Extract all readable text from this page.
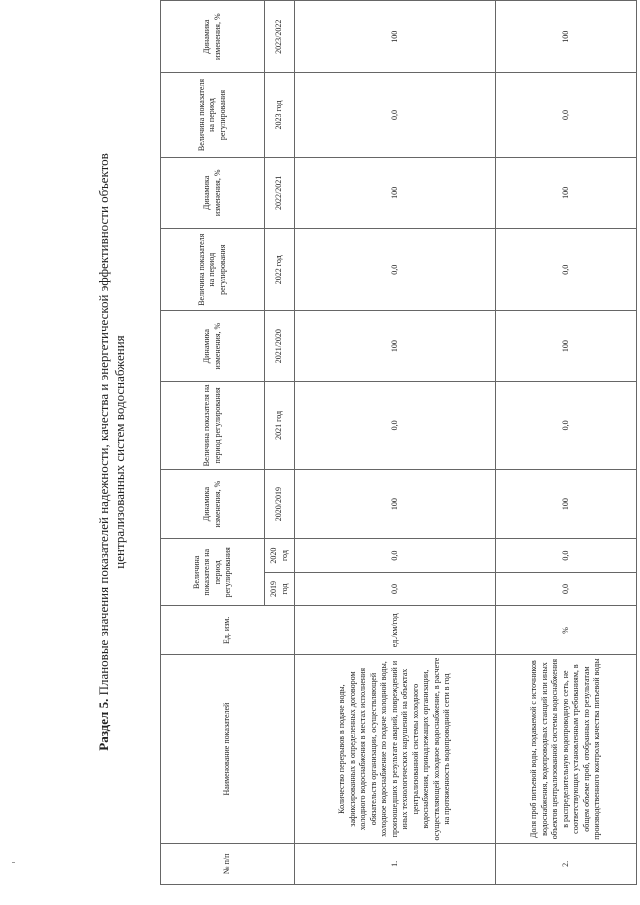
Раздел 5. Плановые значения показателей надежности, качества и энергетической эффективности объектов централизованных систем водоснабжения
№ п/п	Наименование показателей	Ед. изм.	Величина показателя на период регулирования		Динамика изменения, %	Величина показателя на период регулирования	Динамика изменения, %	Величина показателя на период регулирования	Динамика изменения, %	Величина показателя на период регулирования	Динамика изменения, %
			2019 год	2020 год	2020/2019	2021 год	2021/2020	2022 год	2022/2021	2023 год	2023/2022
1.	Количество перерывов в подаче воды, зафиксированных в определенных договором холодного водоснабжения в местах исполнения обязательств организации, осуществляющей холодное водоснабжение по подаче холодной воды, произошедших в результате аварий, повреждений и иных технологических нарушений на объектах централизованной системы холодного водоснабжения, принадлежащих организации, осуществляющей холодное водоснабжение, в расчете на протяженность водопроводной сети в год	ед./км/год	0,0	0,0	100	0,0	100	0,0	100	0,0	100
2.	Доля проб питьевой воды, подаваемой с источников водоснабжения, водопроводных станций или иных объектов централизованной системы водоснабжения в распределительную водопроводную сеть, не соответствующих установленным требованиям, в общем объеме проб, отобранных по результатам производственного контроля качества питьевой воды	%	0,0	0,0	100	0,0	100	0,0	100	0,0	100
